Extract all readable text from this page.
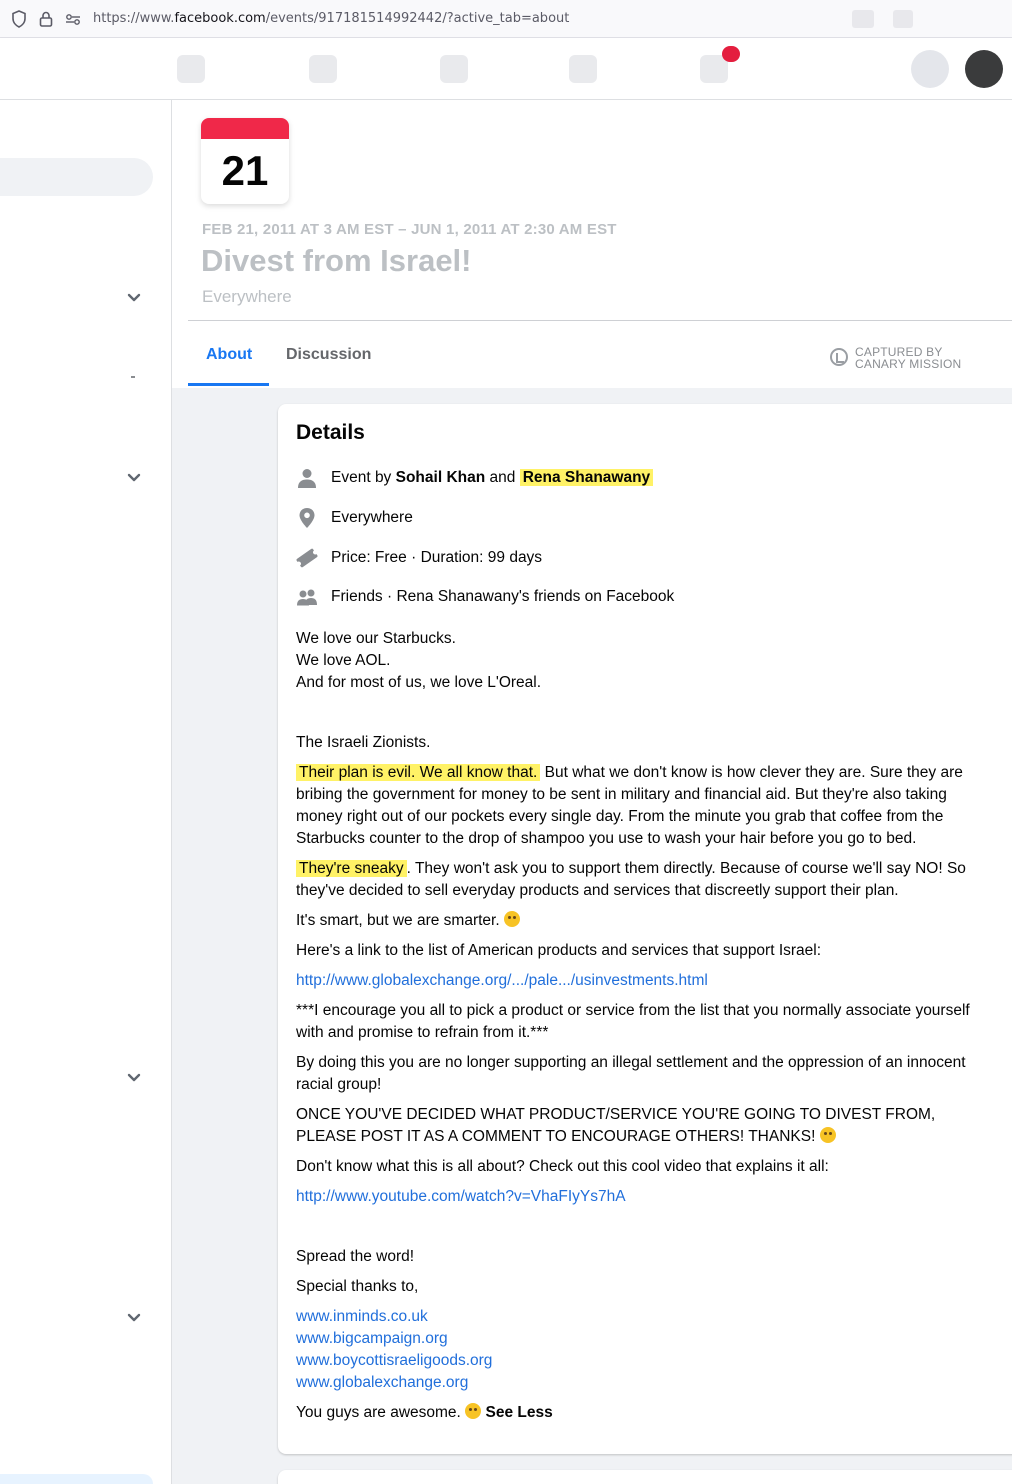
https://www.facebook.com/events/917181514992442/?active_tab=about
21
FEB 21, 2011 AT 3 AM EST – JUN 1, 2011 AT 2:30 AM EST
Divest from Israel!
Everywhere
About Discussion	CAPTURED BY
CANARY MISSION
Details
Event by Sohail Khan and Rena Shanawany
Everywhere
Price: Free · Duration: 99 days
Friends · Rena Shanawany's friends on Facebook

We love our Starbucks.
We love AOL.
And for most of us, we love L'Oreal.

The Israeli Zionists.

Their plan is evil. We all know that. But what we don't know is how clever they are. Sure they are bribing the government for money to be sent in military and financial aid. But they're also taking money right out of our pockets every single day. From the minute you grab that coffee from the Starbucks counter to the drop of shampoo you use to wash your hair before you go to bed.

They're sneaky . They won't ask you to support them directly. Because of course we'll say NO! So they've decided to sell everyday products and services that discreetly support their plan.

It's smart, but we are smarter.

Here's a link to the list of American products and services that support Israel:

http://www.globalexchange.org/.../pale.../usinvestments.html

***I encourage you all to pick a product or service from the list that you normally associate yourself with and promise to refrain from it.***

By doing this you are no longer supporting an illegal settlement and the oppression of an innocent racial group!

ONCE YOU'VE DECIDED WHAT PRODUCT/SERVICE YOU'RE GOING TO DIVEST FROM, PLEASE POST IT AS A COMMENT TO ENCOURAGE OTHERS! THANKS!

Don't know what this is all about? Check out this cool video that explains it all:

http://www.youtube.com/watch?v=VhaFIyYs7hA

Spread the word!

Special thanks to,

www.inminds.co.uk
www.bigcampaign.org
www.boycottisraeligoods.org
www.globalexchange.org

You guys are awesome.  See Less
